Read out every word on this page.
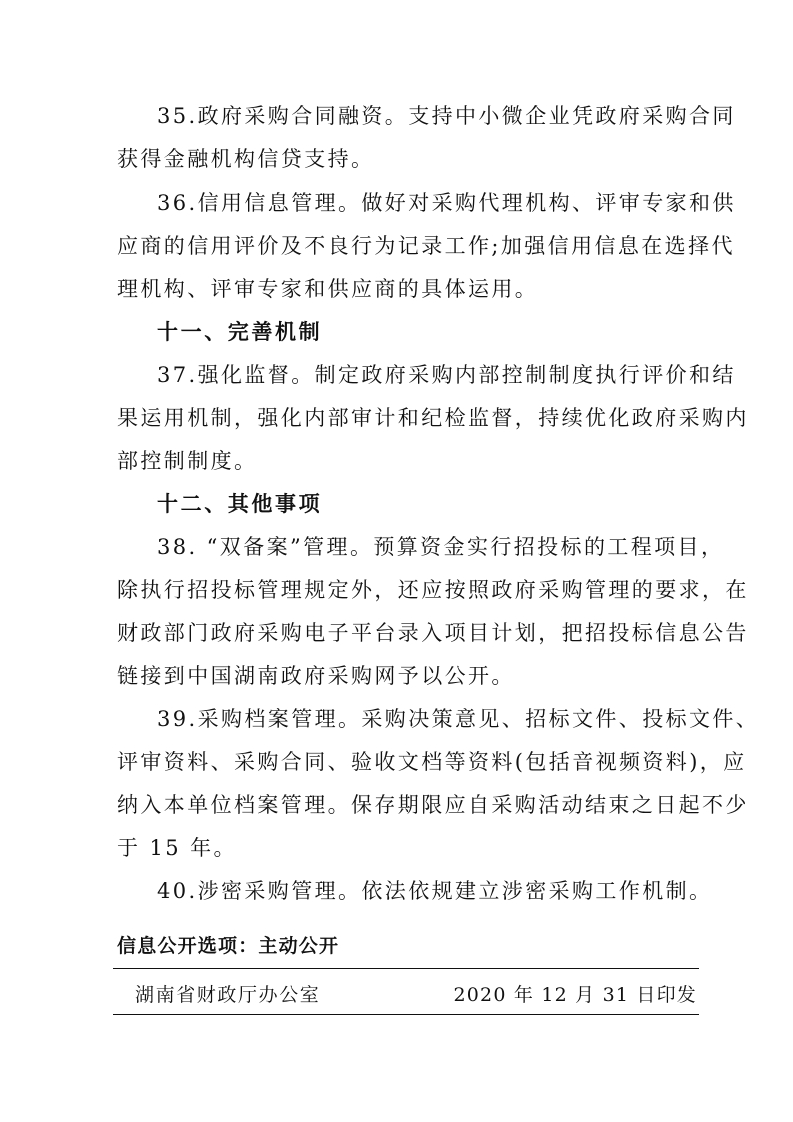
35.政府采购合同融资。支持中小微企业凭政府采购合同
获得金融机构信贷支持。
36.信用信息管理。做好对采购代理机构、评审专家和供
应商的信用评价及不良行为记录工作;加强信用信息在选择代
理机构、评审专家和供应商的具体运用。
十一、完善机制
37.强化监督。制定政府采购内部控制制度执行评价和结
果运用机制，强化内部审计和纪检监督，持续优化政府采购内
部控制制度。
十二、其他事项
38. “双备案”管理。预算资金实行招投标的工程项目，
除执行招投标管理规定外，还应按照政府采购管理的要求，在
财政部门政府采购电子平台录入项目计划，把招投标信息公告
链接到中国湖南政府采购网予以公开。
39.采购档案管理。采购决策意见、招标文件、投标文件、
评审资料、采购合同、验收文档等资料(包括音视频资料)，应
纳入本单位档案管理。保存期限应自采购活动结束之日起不少
于 15 年。
40.涉密采购管理。依法依规建立涉密采购工作机制。
信息公开选项：主动公开
湖南省财政厅办公室	2020 年 12 月 31 日印发
